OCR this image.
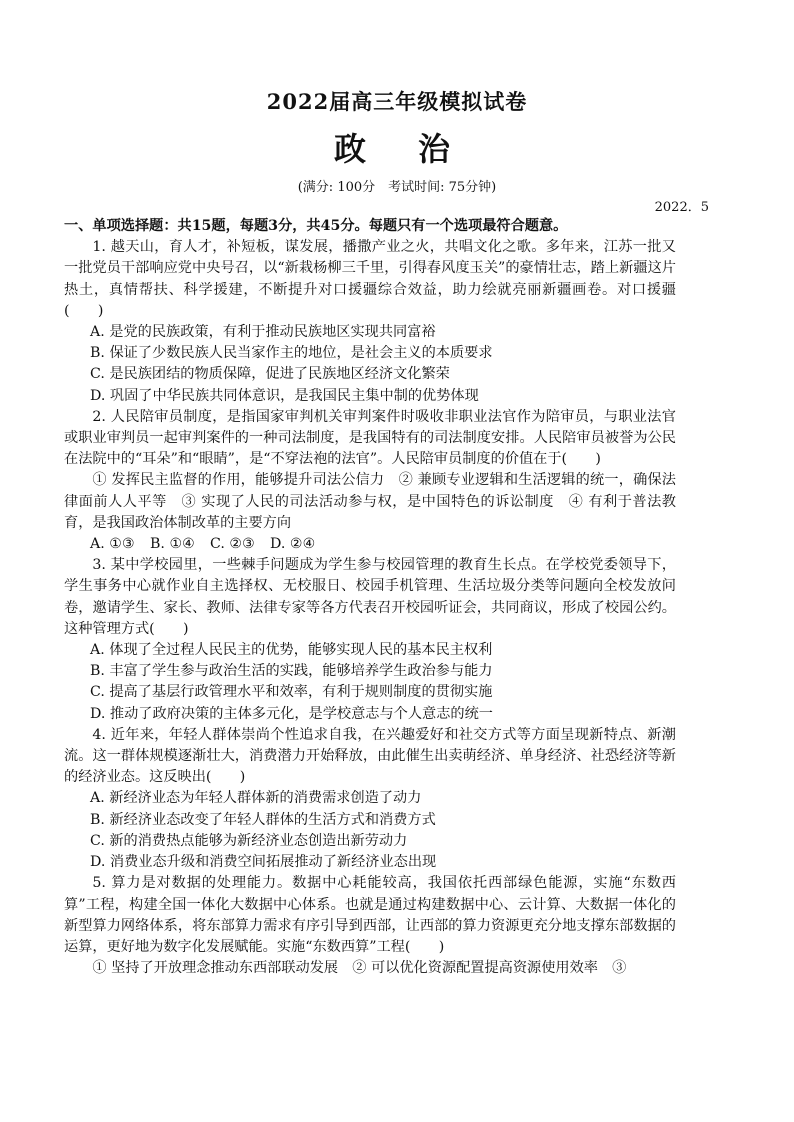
2022届高三年级模拟试卷
政　治
(满分: 100分　考试时间: 75分钟)
2022．5
一、单项选择题：共15题，每题3分，共45分。每题只有一个选项最符合题意。

1. 越天山，育人才，补短板，谋发展，播撒产业之火，共唱文化之歌。多年来，江苏一批又一批党员干部响应党中央号召，以“新栽杨柳三千里，引得春风度玉关”的豪情壮志，踏上新疆这片热土，真情帮扶、科学援建，不断提升对口援疆综合效益，助力绘就亮丽新疆画卷。对口援疆(　　)

A. 是党的民族政策，有利于推动民族地区实现共同富裕

B. 保证了少数民族人民当家作主的地位，是社会主义的本质要求

C. 是民族团结的物质保障，促进了民族地区经济文化繁荣

D. 巩固了中华民族共同体意识，是我国民主集中制的优势体现

2. 人民陪审员制度，是指国家审判机关审判案件时吸收非职业法官作为陪审员，与职业法官或职业审判员一起审判案件的一种司法制度，是我国特有的司法制度安排。人民陪审员被誉为公民在法院中的“耳朵”和“眼睛”，是“不穿法袍的法官”。人民陪审员制度的价值在于(　　)

① 发挥民主监督的作用，能够提升司法公信力　② 兼顾专业逻辑和生活逻辑的统一，确保法律面前人人平等　③ 实现了人民的司法活动参与权，是中国特色的诉讼制度　④ 有利于普法教育，是我国政治体制改革的主要方向

A. ①③ B. ①④ C. ②③ D. ②④

3. 某中学校园里，一些棘手问题成为学生参与校园管理的教育生长点。在学校党委领导下，学生事务中心就作业自主选择权、无校服日、校园手机管理、生活垃圾分类等问题向全校发放问卷，邀请学生、家长、教师、法律专家等各方代表召开校园听证会，共同商议，形成了校园公约。这种管理方式(　　)

A. 体现了全过程人民民主的优势，能够实现人民的基本民主权利

B. 丰富了学生参与政治生活的实践，能够培养学生政治参与能力

C. 提高了基层行政管理水平和效率，有利于规则制度的贯彻实施

D. 推动了政府决策的主体多元化，是学校意志与个人意志的统一

4. 近年来，年轻人群体崇尚个性追求自我，在兴趣爱好和社交方式等方面呈现新特点、新潮流。这一群体规模逐渐壮大，消费潜力开始释放，由此催生出卖萌经济、单身经济、社恐经济等新的经济业态。这反映出(　　)

A. 新经济业态为年轻人群体新的消费需求创造了动力

B. 新经济业态改变了年轻人群体的生活方式和消费方式

C. 新的消费热点能够为新经济业态创造出新劳动力

D. 消费业态升级和消费空间拓展推动了新经济业态出现

5. 算力是对数据的处理能力。数据中心耗能较高，我国依托西部绿色能源，实施“东数西算”工程，构建全国一体化大数据中心体系。也就是通过构建数据中心、云计算、大数据一体化的新型算力网络体系，将东部算力需求有序引导到西部，让西部的算力资源更充分地支撑东部数据的运算，更好地为数字化发展赋能。实施“东数西算”工程(　　)

① 坚持了开放理念推动东西部联动发展　② 可以优化资源配置提高资源使用效率　③
